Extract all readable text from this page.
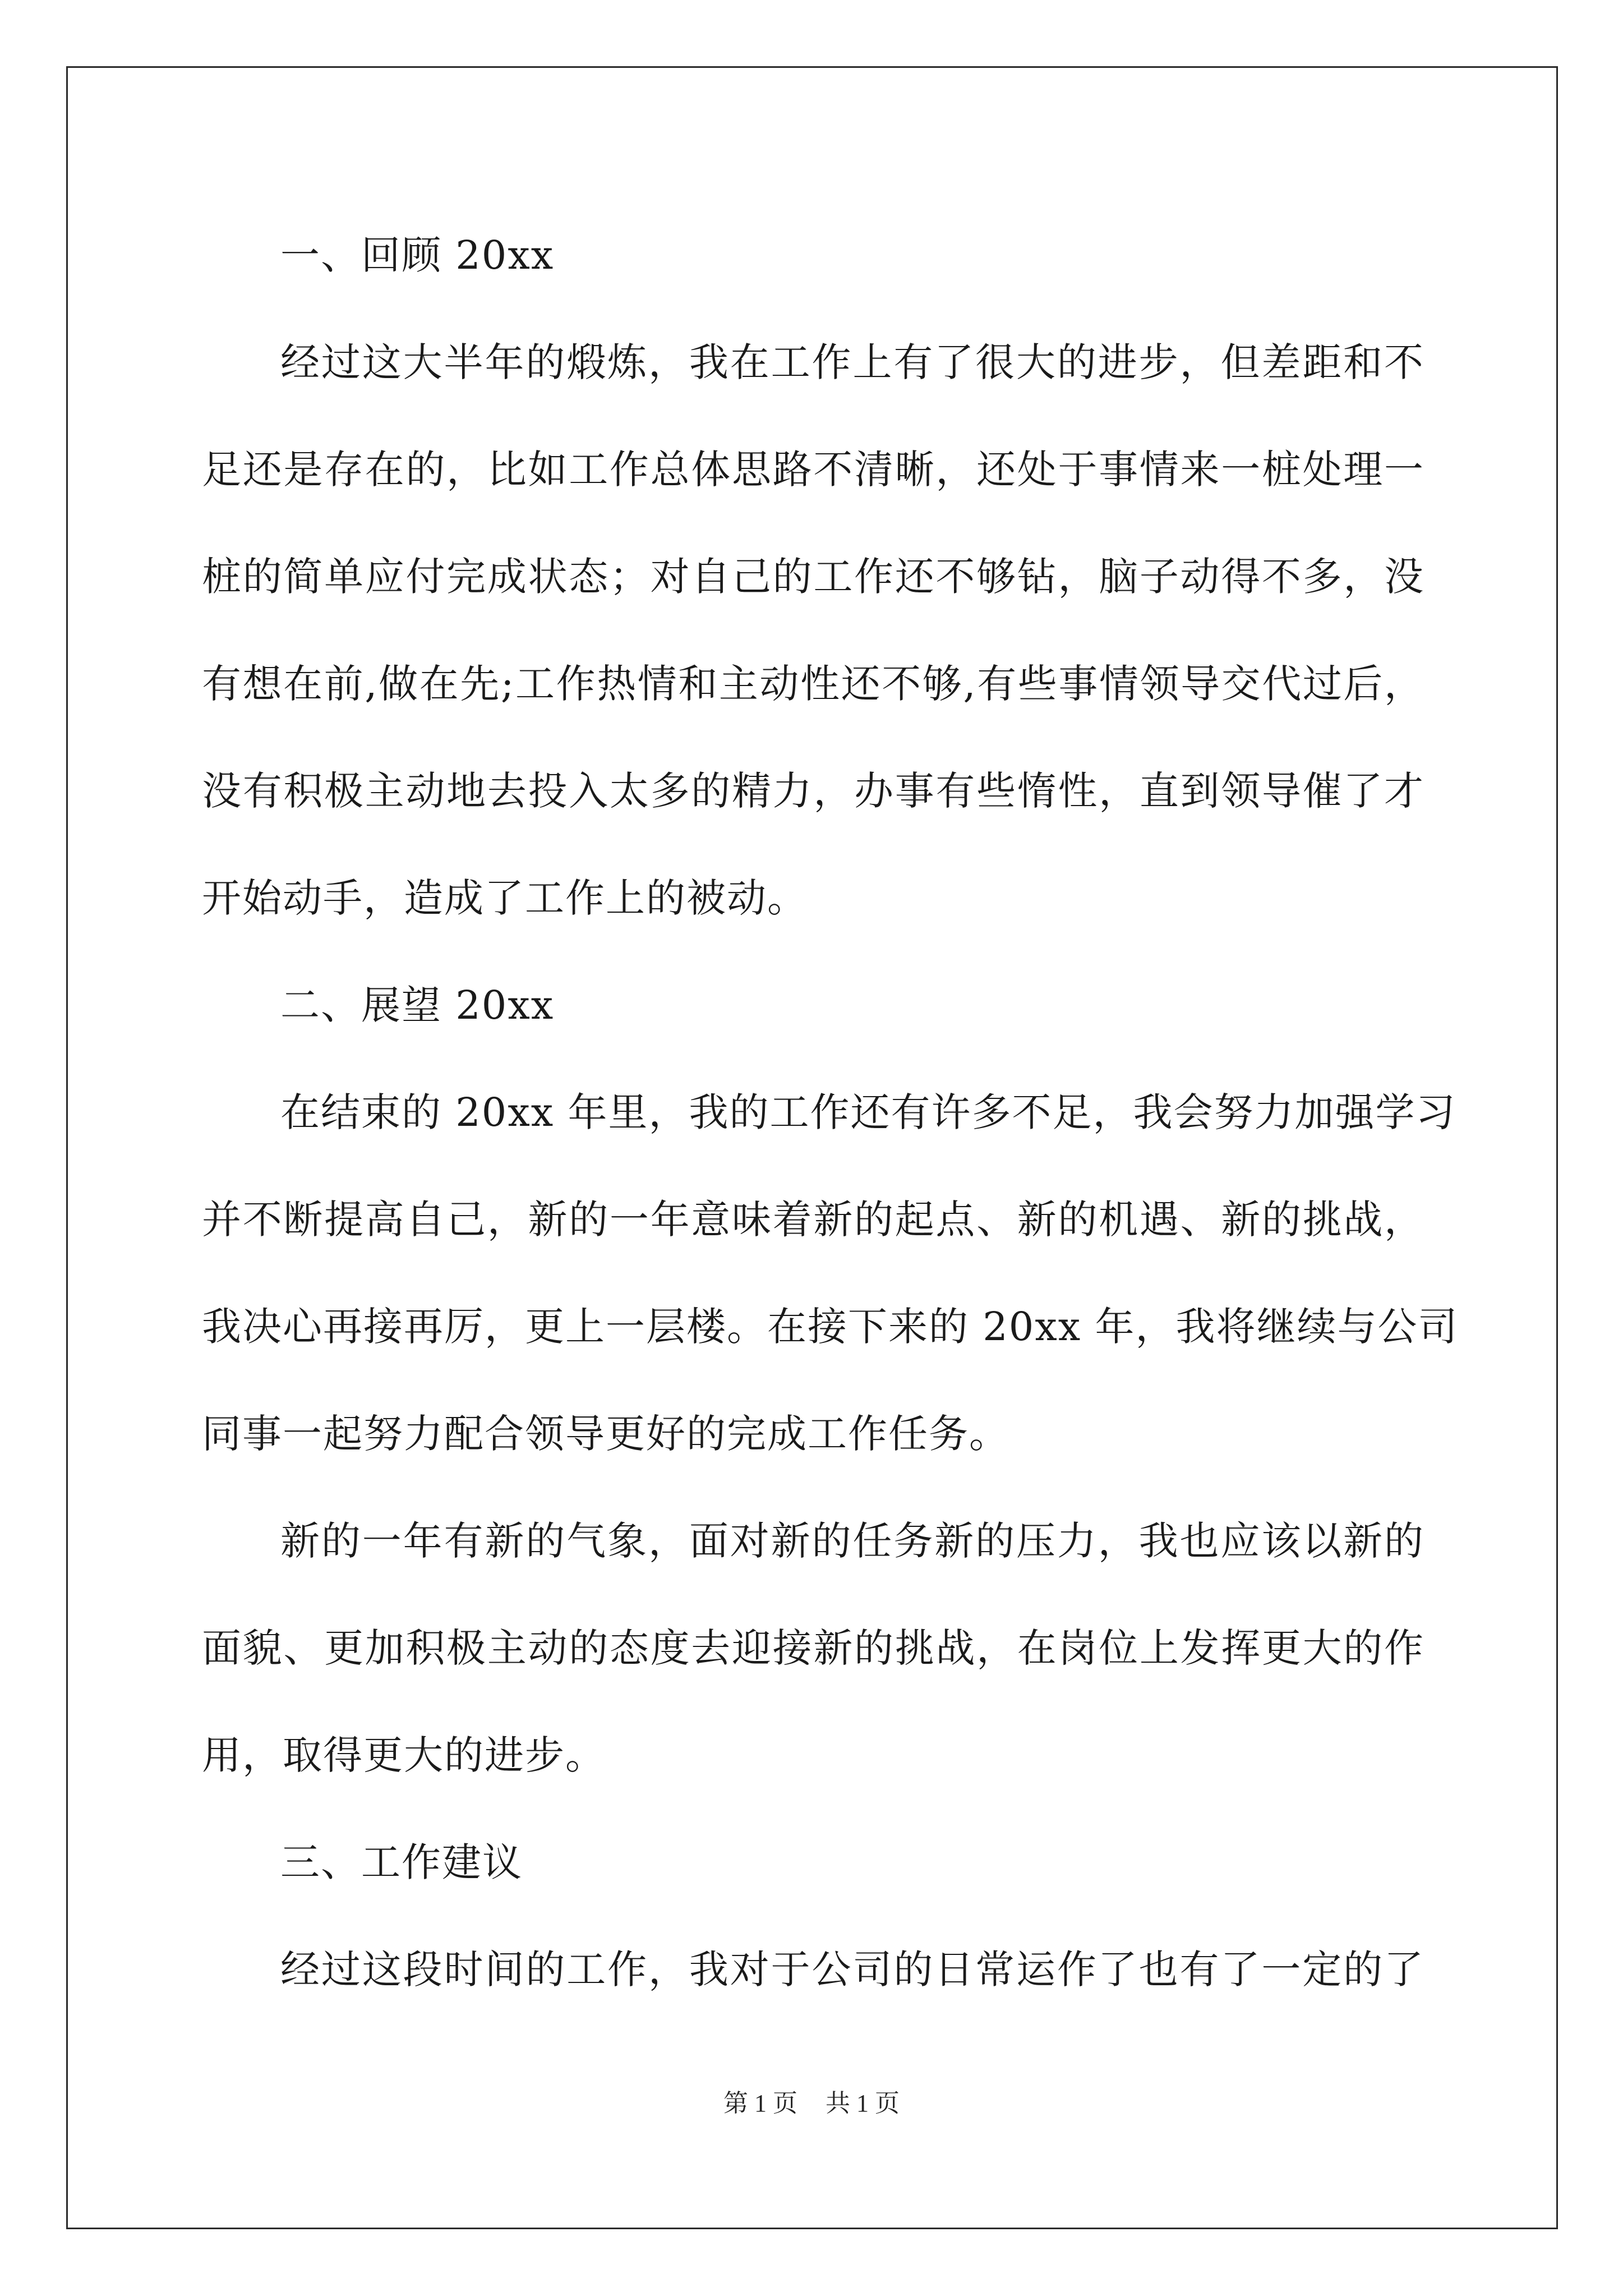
一、回顾 20xx
经过这大半年的煅炼，我在工作上有了很大的进步，但差距和不
足还是存在的，比如工作总体思路不清晰，还处于事情来一桩处理一
桩的简单应付完成状态；对自己的工作还不够钻，脑子动得不多，没
有想在前,做在先;工作热情和主动性还不够,有些事情领导交代过后，
没有积极主动地去投入太多的精力，办事有些惰性，直到领导催了才
开始动手，造成了工作上的被动。
二、展望 20xx
在结束的 20xx 年里，我的工作还有许多不足，我会努力加强学习
并不断提高自己，新的一年意味着新的起点、新的机遇、新的挑战，
我决心再接再厉，更上一层楼。在接下来的 20xx 年，我将继续与公司
同事一起努力配合领导更好的完成工作任务。
新的一年有新的气象，面对新的任务新的压力，我也应该以新的
面貌、更加积极主动的态度去迎接新的挑战，在岗位上发挥更大的作
用，取得更大的进步。
三、工作建议
经过这段时间的工作，我对于公司的日常运作了也有了一定的了
第 1 页 共 1 页
